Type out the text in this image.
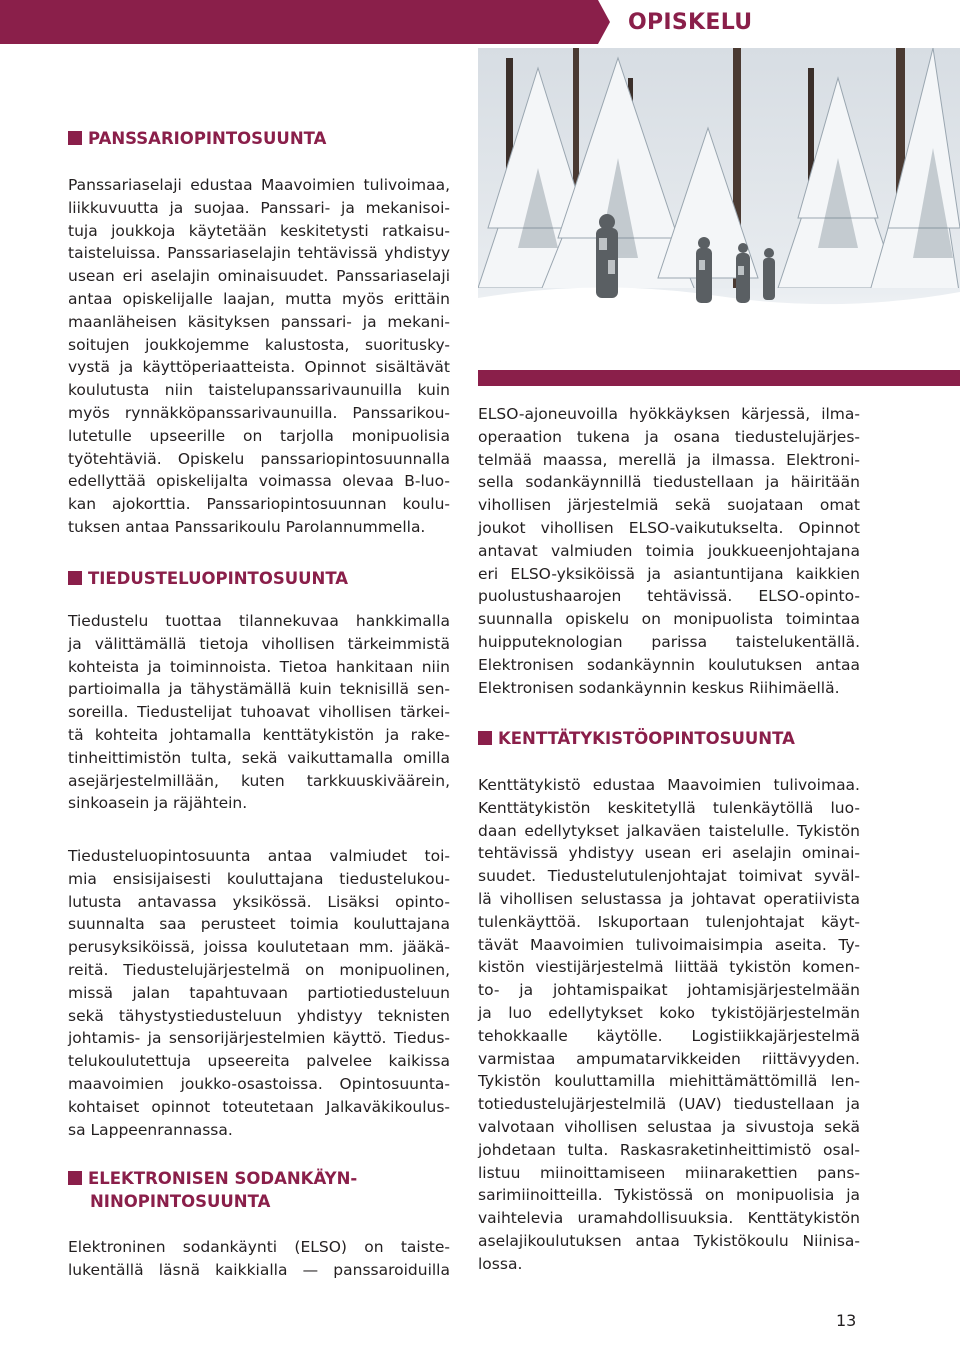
OPISKELU
PANSSARIOPINTOSUUNTA
Panssariaselaji edustaa Maavoimien tulivoimaa,
liikkuvuutta ja suojaa. Panssari- ja mekanisoi-
tuja joukkoja käytetään keskitetysti ratkaisu-
taisteluissa. Panssariaselajin tehtävissä yhdistyy
usean eri aselajin ominaisuudet. Panssariaselaji
antaa opiskelijalle laajan, mutta myös erittäin
maanläheisen käsityksen panssari- ja mekani-
soitujen joukkojemme kalustosta, suoritusky-
vystä ja käyttöperiaatteista. Opinnot sisältävät
koulutusta niin taistelupanssarivaunuilla kuin
myös rynnäkköpanssarivaunuilla. Panssarikou-
lutetulle upseerille on tarjolla monipuolisia
työtehtäviä. Opiskelu panssariopintosuunnalla
edellyttää opiskelijalta voimassa olevaa B-luo-
kan ajokorttia. Panssariopintosuunnan koulu-
tuksen antaa Panssarikoulu Parolannummella.
TIEDUSTELUOPINTOSUUNTA
Tiedustelu tuottaa tilannekuvaa hankkimalla
ja välittämällä tietoja vihollisen tärkeimmistä
kohteista ja toiminnoista. Tietoa hankitaan niin
partioimalla ja tähystämällä kuin teknisillä sen-
soreilla. Tiedustelijat tuhoavat vihollisen tärkei-
tä kohteita johtamalla kenttätykistön ja rake-
tinheittimistön tulta, sekä vaikuttamalla omilla
asejärjestelmillään, kuten tarkkuuskiväärein,
sinkoasein ja räjähtein.
Tiedusteluopintosuunta antaa valmiudet toi-
mia ensisijaisesti kouluttajana tiedustelukou-
lutusta antavassa yksikössä. Lisäksi opinto-
suunnalta saa perusteet toimia kouluttajana
perusyksiköissä, joissa koulutetaan mm. jääkä-
reitä. Tiedustelujärjestelmä on monipuolinen,
missä jalan tapahtuvaan partiotiedusteluun
sekä tähystystiedusteluun yhdistyy teknisten
johtamis- ja sensorijärjestelmien käyttö. Tiedus-
telukoulutettuja upseereita palvelee kaikissa
maavoimien joukko-osastoissa. Opintosuunta-
kohtaiset opinnot toteutetaan Jalkaväkikoulus-
sa Lappeenrannassa.
ELEKTRONISEN SODANKÄYN-
NINOPINTOSUUNTA
Elektroninen sodankäynti (ELSO) on taiste-
lukentällä läsnä kaikkialla — panssaroiduilla
ELSO-ajoneuvoilla hyökkäyksen kärjessä, ilma-
operaation tukena ja osana tiedustelujärjes-
telmää maassa, merellä ja ilmassa. Elektroni-
sella sodankäynnillä tiedustellaan ja häiritään
vihollisen järjestelmiä sekä suojataan omat
joukot vihollisen ELSO-vaikutukselta. Opinnot
antavat valmiuden toimia joukkueenjohtajana
eri ELSO-yksiköissä ja asiantuntijana kaikkien
puolustushaarojen tehtävissä. ELSO-opinto-
suunnalla opiskelu on monipuolista toimintaa
huipputeknologian parissa taistelukentällä.
Elektronisen sodankäynnin koulutuksen antaa
Elektronisen sodankäynnin keskus Riihimäellä.
KENTTÄTYKISTÖOPINTOSUUNTA
Kenttätykistö edustaa Maavoimien tulivoimaa.
Kenttätykistön keskitetyllä tulenkäytöllä luo-
daan edellytykset jalkaväen taistelulle. Tykistön
tehtävissä yhdistyy usean eri aselajin ominai-
suudet. Tiedustelutulenjohtajat toimivat syväl-
lä vihollisen selustassa ja johtavat operatiivista
tulenkäyttöä. Iskuportaan tulenjohtajat käyt-
tävät Maavoimien tulivoimaisimpia aseita. Ty-
kistön viestijärjestelmä liittää tykistön komen-
to- ja johtamispaikat johtamisjärjestelmään
ja luo edellytykset koko tykistöjärjestelmän
tehokkaalle käytölle. Logistiikkajärjestelmä
varmistaa ampumatarvikkeiden riittävyyden.
Tykistön kouluttamilla miehittämättömillä len-
totiedustelujärjestelmilä (UAV) tiedustellaan ja
valvotaan vihollisen selustaa ja sivustoja sekä
johdetaan tulta. Raskasraketinheittimistö osal-
listuu miinoittamiseen miinarakettien pans-
sarimiinoitteilla. Tykistössä on monipuolisia ja
vaihtelevia uramahdollisuuksia. Kenttätykistön
aselajikoulutuksen antaa Tykistökoulu Niinisa-
lossa.
13
